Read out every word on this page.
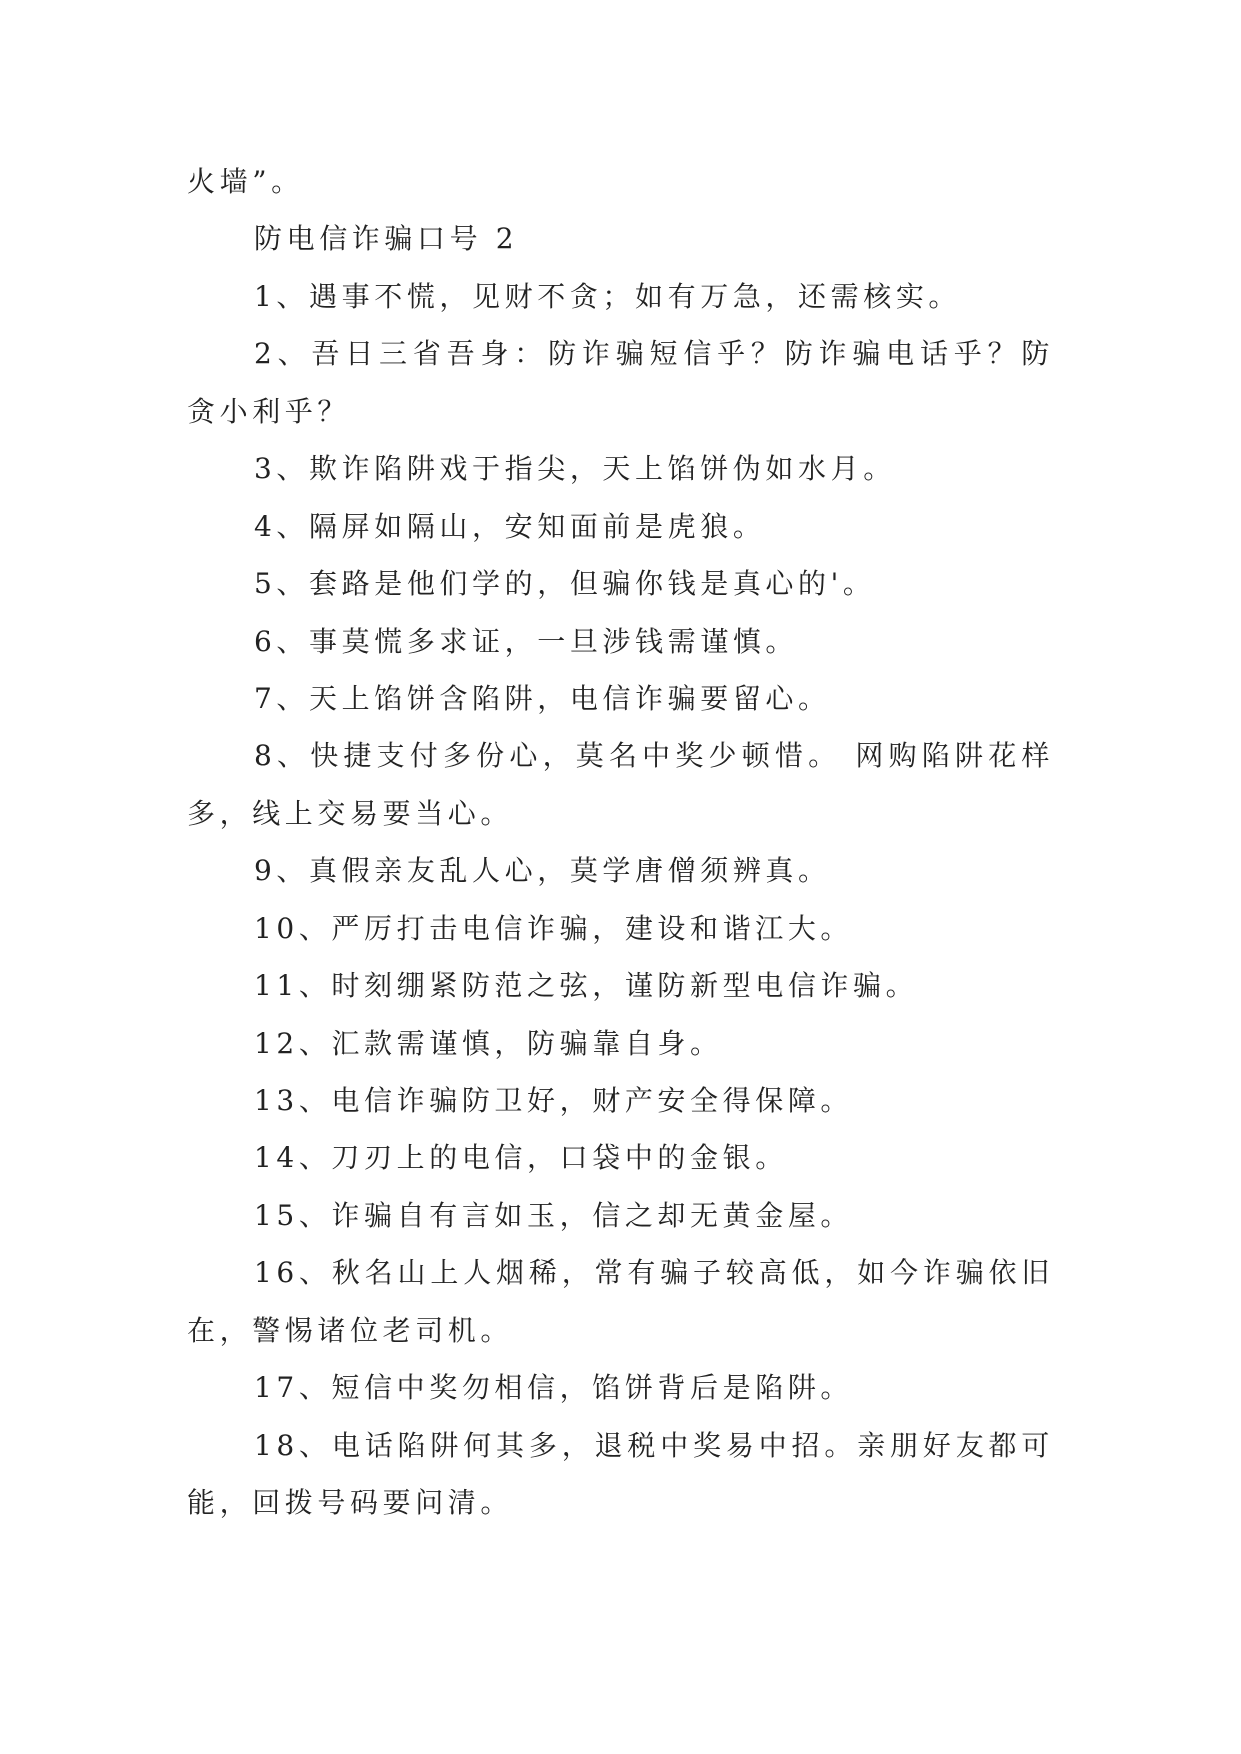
火墙”。
防电信诈骗口号 2
1、遇事不慌，见财不贪；如有万急，还需核实。
2、吾日三省吾身：防诈骗短信乎？防诈骗电话乎？防
贪小利乎？
3、欺诈陷阱戏于指尖，天上馅饼伪如水月。
4、隔屏如隔山，安知面前是虎狼。
5、套路是他们学的，但骗你钱是真心的'。
6、事莫慌多求证，一旦涉钱需谨慎。
7、天上馅饼含陷阱，电信诈骗要留心。
8、快捷支付多份心，莫名中奖少顿惜。 网购陷阱花样
多，线上交易要当心。
9、真假亲友乱人心，莫学唐僧须辨真。
10、严厉打击电信诈骗，建设和谐江大。
11、时刻绷紧防范之弦，谨防新型电信诈骗。
12、汇款需谨慎，防骗靠自身。
13、电信诈骗防卫好，财产安全得保障。
14、刀刃上的电信，口袋中的金银。
15、诈骗自有言如玉，信之却无黄金屋。
16、秋名山上人烟稀，常有骗子较高低，如今诈骗依旧
在，警惕诸位老司机。
17、短信中奖勿相信，馅饼背后是陷阱。
18、电话陷阱何其多，退税中奖易中招。亲朋好友都可
能，回拨号码要问清。
